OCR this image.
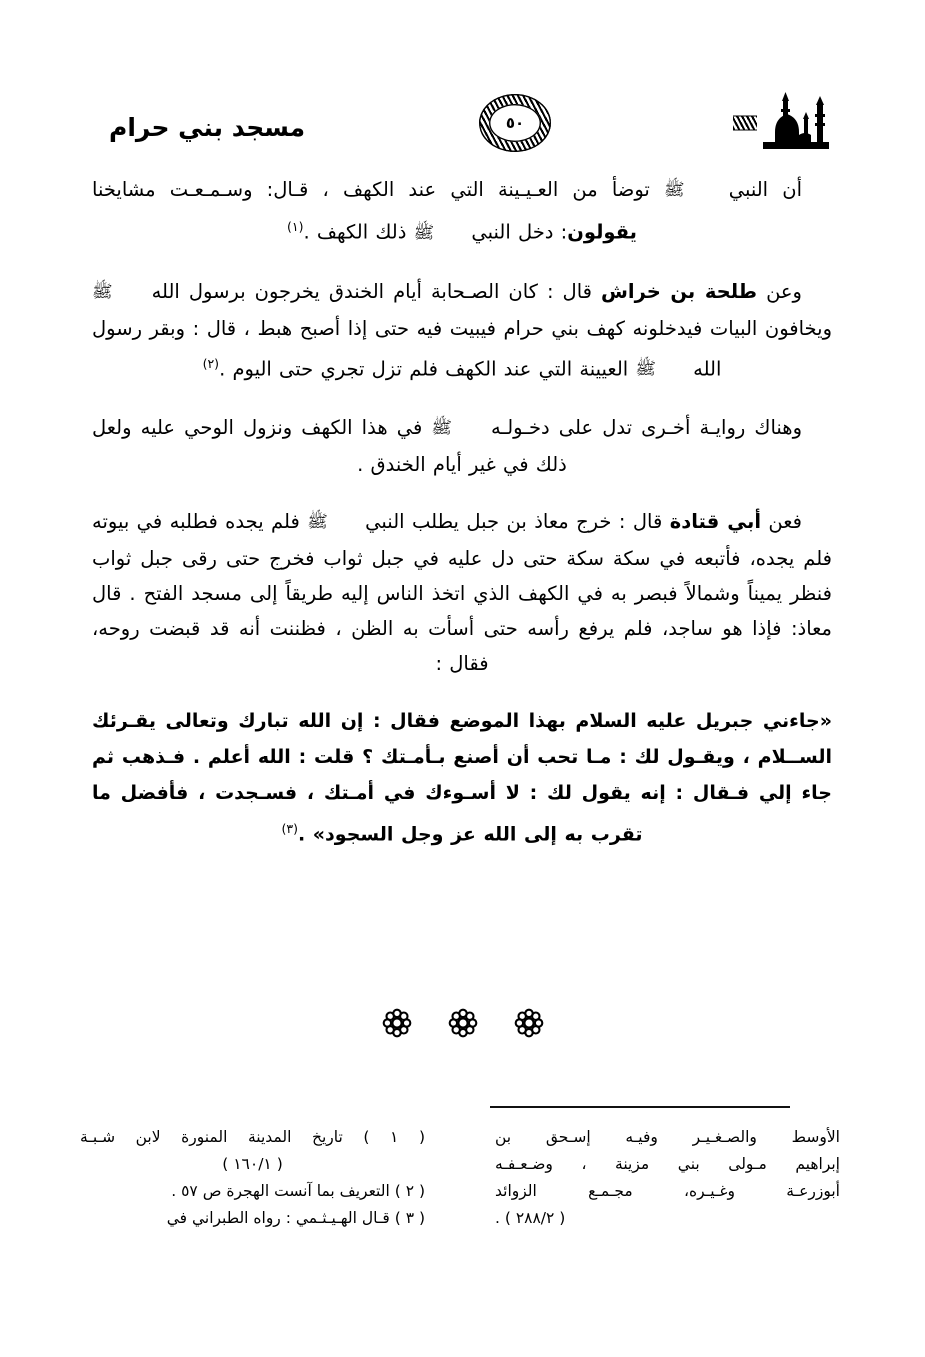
مسجد بني حرام	٥٠

أن النبي ﷺ توضأ من العـيـينة التي عند الكهف ، قـال: وسـمـعـت مشايخنا يقولون: دخل النبي ﷺ ذلك الكهف .$^{(١)}$

وعن طلحة بن خراش قال : كان الصـحابة أيام الخندق يخرجون برسول الله ﷺ ويخافون البيات فيدخلونه كهف بني حرام فيبيت فيه حتى إذا أصبح هبط ، قال : وبقر رسول الله ﷺ العيينة التي عند الكهف فلم تزل تجري حتى اليوم .$^{(٢)}$

وهناك روايـة أخـرى تدل على دخـولـه ﷺ في هذا الكهف ونزول الوحي عليه ولعل ذلك في غير أيام الخندق .

فعن أبي قتادة قال : خرج معاذ بن جبل يطلب النبي ﷺ فلم يجده فطلبه في بيوته فلم يجده، فأتبعه في سكة سكة حتى دل عليه في جبل ثواب فخرج حتى رقى جبل ثواب فنظر يميناً وشمالاً فبصر به في الكهف الذي اتخذ الناس إليه طريقاً إلى مسجد الفتح . قال معاذ: فإذا هو ساجد، فلم يرفع رأسه حتى أسأت به الظن ، فظننت أنه قد قبضت روحه، فقال :

«جاءني جبريل عليه السلام بهذا الموضع فقال : إن الله تبارك وتعالى يقـرئك الســلام ، ويقـول لك : مـا تحب أن أصنع بـأمـتك ؟ قلت : الله أعلم . فـذهب ثم جاء إلي فـقال : إنه يقول لك : لا أسـوءك في أمـتك ، فسـجدت ، فأفضل ما تقرب به إلى الله عز وجل السجود» .$^{(٣)}$

الأوسط والصـغـيـر وفيـه إسـحق بن
إبراهيم مـولى بني مزينة ، وضـعـفـه
أبوزرعـة وغـيـره، مجـمـع الزوائد
( ٢٨٨/٢ ) .
( ١ ) تاريخ المدينة المنورة لابن شـبـة
( ١٦٠/١ )
( ٢ ) التعريف بما آنست الهجرة ص ٥٧ .
( ٣ ) قـال الهـيـثـمي : رواه الطبراني في
